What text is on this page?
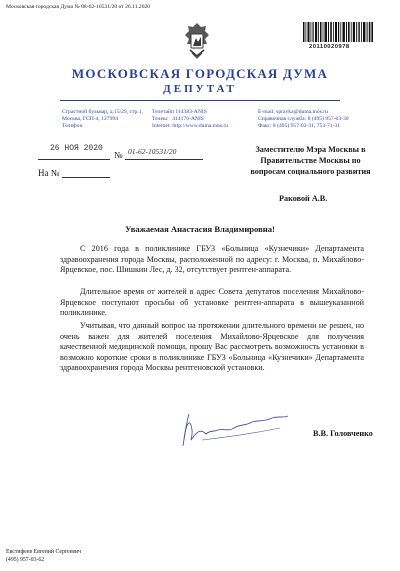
Московская городская Дума № 08-62-10531/20 от 26.11.2020
20110020978
МОСКОВСКАЯ ГОРОДСКАЯ ДУМА
ДЕПУТАТ
Страстной бульвар, д.15/29, стр.1,
Москва, ГСП-4, 127994
Телефон
Телетайп 114383-ANIS
Телекс   414176-ANIS
Internet: http://www.duma.mos.ru
E-mail: spravka@duma.mos.ru
Справочная служба: 8 (495) 957-03-30
Факс: 8 (495) 957-03-31, 753-71-31
26 НОЯ 2020
№ 01-62-10531/20
На №
Заместителю Мэра Москвы в Правительстве Москвы по вопросам социального развития
Раковой А.В.
Уважаемая Анастасия Владимировна!

С 2016 года в поликлинике ГБУЗ «Больница «Кузнечики» Департамента здравоохранения города Москвы, расположенной по адресу: г. Москва, п. Михайлово-Ярцевское, пос. Шишкин Лес, д. 32, отсутствует рентген-аппарата.

Длительное время от жителей в адрес Совета депутатов поселения Михайлово-Ярцевское поступают просьбы об установке рентген-аппарата в вышеуказанной поликлинике.

Учитывая, что данный вопрос на протяжении длительного времени не решен, но очень важен для жителей поселения Михайлово-Ярцевское для получения качественной медицинской помощи, прошу Вас рассмотреть возможность установки в возможно короткие сроки в поликлинике ГБУЗ «Больница «Кузнечики» Департамента здравоохранения города Москвы рентгеновской установки.

В.В. Головченко
Евстифеев Евгений Сергеевич
(495) 957-03-62
